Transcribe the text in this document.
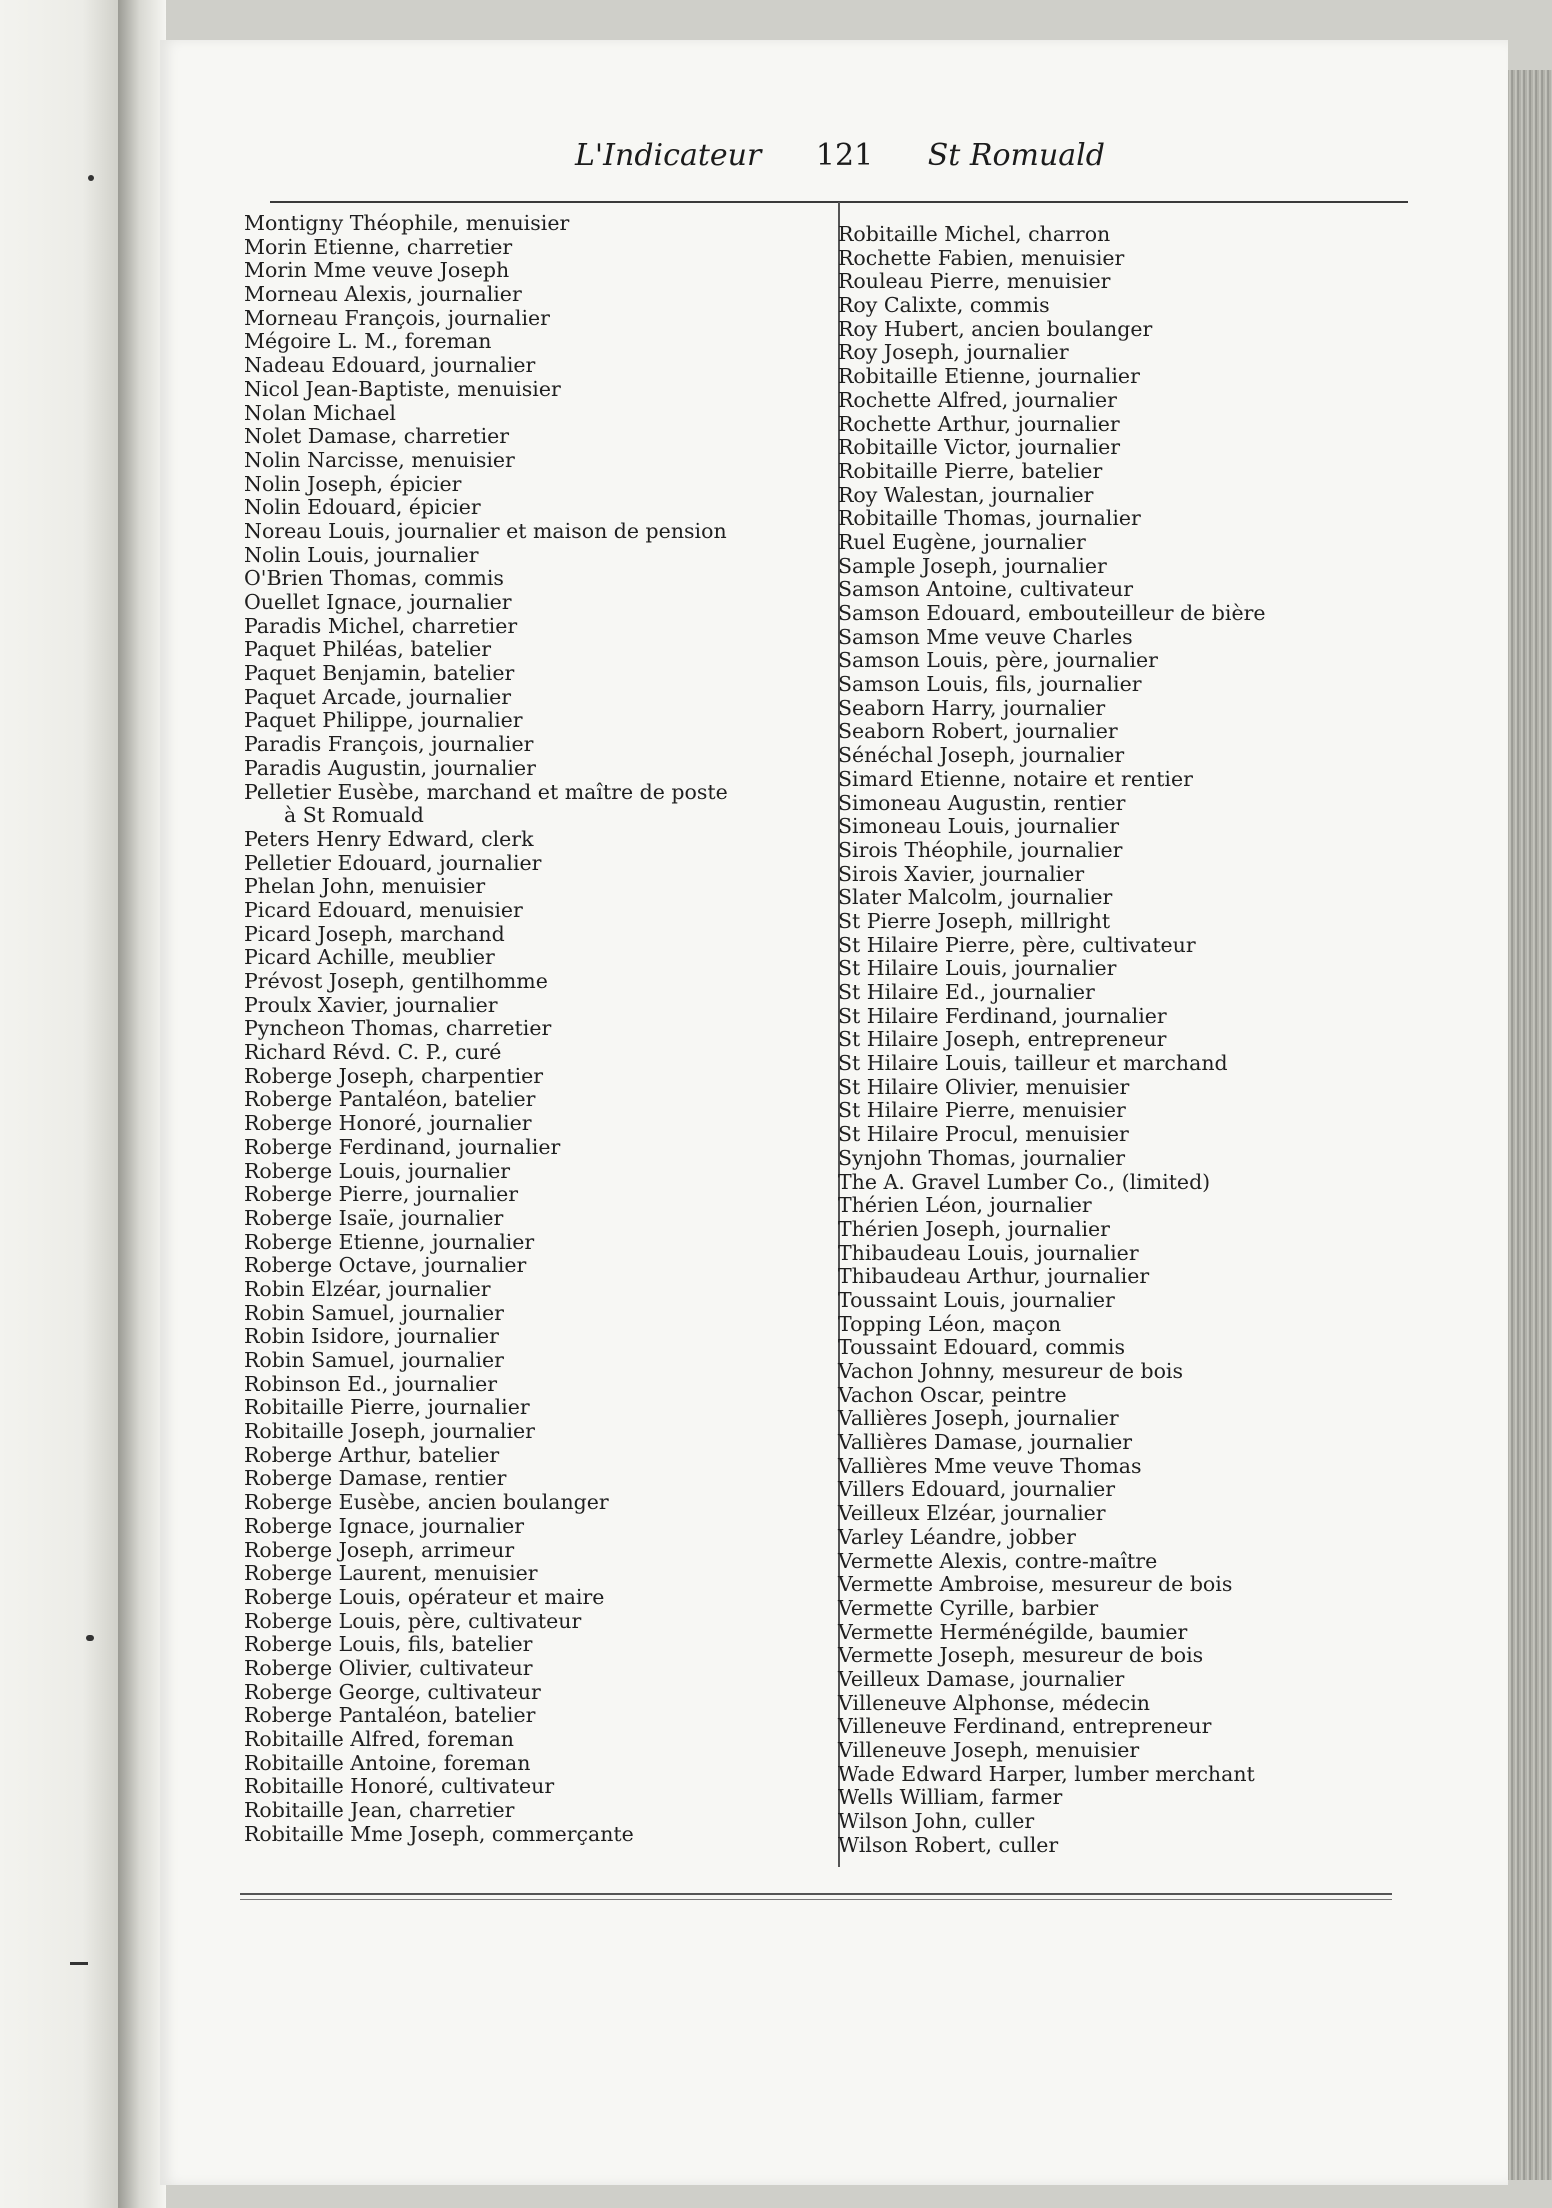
L'Indicateur 121 St Romuald
Montigny Théophile, menuisier
Morin Etienne, charretier
Morin Mme veuve Joseph
Morneau Alexis, journalier
Morneau François, journalier
Mégoire L. M., foreman
Nadeau Edouard, journalier
Nicol Jean-Baptiste, menuisier
Nolan Michael
Nolet Damase, charretier
Nolin Narcisse, menuisier
Nolin Joseph, épicier
Nolin Edouard, épicier
Noreau Louis, journalier et maison de pension
Nolin Louis, journalier
O'Brien Thomas, commis
Ouellet Ignace, journalier
Paradis Michel, charretier
Paquet Philéas, batelier
Paquet Benjamin, batelier
Paquet Arcade, journalier
Paquet Philippe, journalier
Paradis François, journalier
Paradis Augustin, journalier
Pelletier Eusèbe, marchand et maître de poste
à St Romuald
Peters Henry Edward, clerk
Pelletier Edouard, journalier
Phelan John, menuisier
Picard Edouard, menuisier
Picard Joseph, marchand
Picard Achille, meublier
Prévost Joseph, gentilhomme
Proulx Xavier, journalier
Pyncheon Thomas, charretier
Richard Révd. C. P., curé
Roberge Joseph, charpentier
Roberge Pantaléon, batelier
Roberge Honoré, journalier
Roberge Ferdinand, journalier
Roberge Louis, journalier
Roberge Pierre, journalier
Roberge Isaïe, journalier
Roberge Etienne, journalier
Roberge Octave, journalier
Robin Elzéar, journalier
Robin Samuel, journalier
Robin Isidore, journalier
Robin Samuel, journalier
Robinson Ed., journalier
Robitaille Pierre, journalier
Robitaille Joseph, journalier
Roberge Arthur, batelier
Roberge Damase, rentier
Roberge Eusèbe, ancien boulanger
Roberge Ignace, journalier
Roberge Joseph, arrimeur
Roberge Laurent, menuisier
Roberge Louis, opérateur et maire
Roberge Louis, père, cultivateur
Roberge Louis, fils, batelier
Roberge Olivier, cultivateur
Roberge George, cultivateur
Roberge Pantaléon, batelier
Robitaille Alfred, foreman
Robitaille Antoine, foreman
Robitaille Honoré, cultivateur
Robitaille Jean, charretier
Robitaille Mme Joseph, commerçante
Robitaille Michel, charron
Rochette Fabien, menuisier
Rouleau Pierre, menuisier
Roy Calixte, commis
Roy Hubert, ancien boulanger
Roy Joseph, journalier
Robitaille Etienne, journalier
Rochette Alfred, journalier
Rochette Arthur, journalier
Robitaille Victor, journalier
Robitaille Pierre, batelier
Roy Walestan, journalier
Robitaille Thomas, journalier
Ruel Eugène, journalier
Sample Joseph, journalier
Samson Antoine, cultivateur
Samson Edouard, embouteilleur de bière
Samson Mme veuve Charles
Samson Louis, père, journalier
Samson Louis, fils, journalier
Seaborn Harry, journalier
Seaborn Robert, journalier
Sénéchal Joseph, journalier
Simard Etienne, notaire et rentier
Simoneau Augustin, rentier
Simoneau Louis, journalier
Sirois Théophile, journalier
Sirois Xavier, journalier
Slater Malcolm, journalier
St Pierre Joseph, millright
St Hilaire Pierre, père, cultivateur
St Hilaire Louis, journalier
St Hilaire Ed., journalier
St Hilaire Ferdinand, journalier
St Hilaire Joseph, entrepreneur
St Hilaire Louis, tailleur et marchand
St Hilaire Olivier, menuisier
St Hilaire Pierre, menuisier
St Hilaire Procul, menuisier
Synjohn Thomas, journalier
The A. Gravel Lumber Co., (limited)
Thérien Léon, journalier
Thérien Joseph, journalier
Thibaudeau Louis, journalier
Thibaudeau Arthur, journalier
Toussaint Louis, journalier
Topping Léon, maçon
Toussaint Edouard, commis
Vachon Johnny, mesureur de bois
Vachon Oscar, peintre
Vallières Joseph, journalier
Vallières Damase, journalier
Vallières Mme veuve Thomas
Villers Edouard, journalier
Veilleux Elzéar, journalier
Varley Léandre, jobber
Vermette Alexis, contre-maître
Vermette Ambroise, mesureur de bois
Vermette Cyrille, barbier
Vermette Herménégilde, baumier
Vermette Joseph, mesureur de bois
Veilleux Damase, journalier
Villeneuve Alphonse, médecin
Villeneuve Ferdinand, entrepreneur
Villeneuve Joseph, menuisier
Wade Edward Harper, lumber merchant
Wells William, farmer
Wilson John, culler
Wilson Robert, culler
